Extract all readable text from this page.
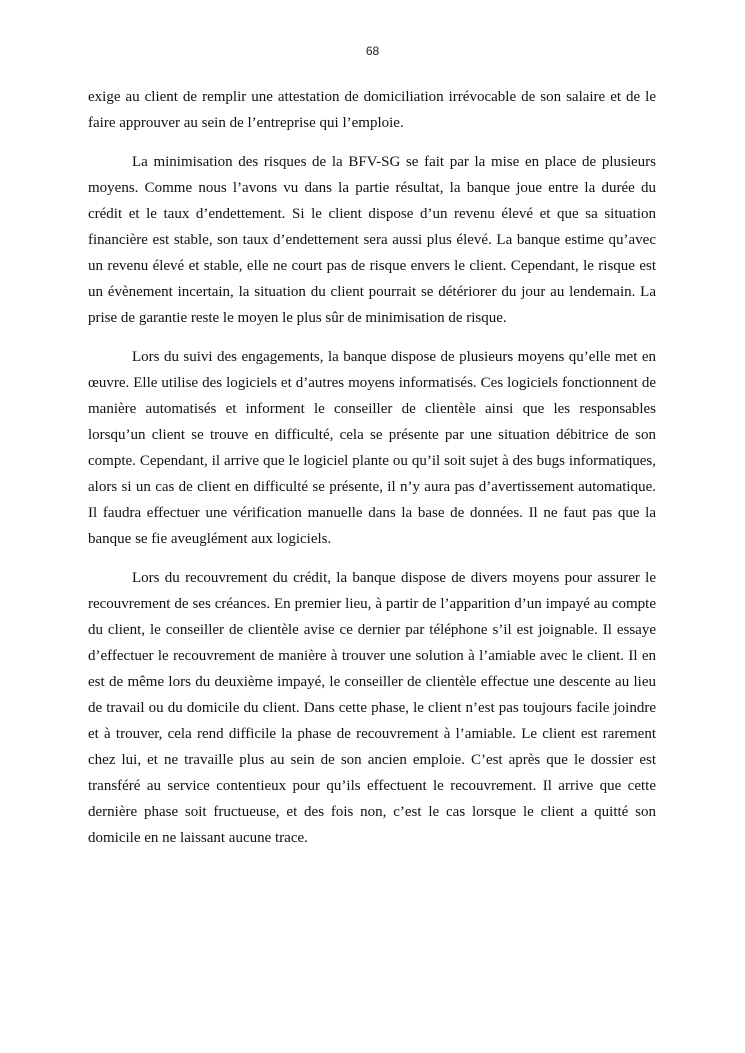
68

exige au client de remplir une attestation de domiciliation irrévocable de son salaire et de le faire approuver au sein de l’entreprise qui l’emploie.

La minimisation des risques de la BFV-SG se fait par la mise en place de plusieurs moyens. Comme nous l’avons vu dans la partie résultat, la banque joue entre la durée du crédit et le taux d’endettement. Si le client dispose d’un revenu élevé et que sa situation financière est stable, son taux d’endettement sera aussi plus élevé. La banque estime qu’avec un revenu élevé et stable, elle ne court pas de risque envers le client. Cependant, le risque est un évènement incertain, la situation du client pourrait se détériorer du jour au lendemain. La prise de garantie reste le moyen le plus sûr de minimisation de risque.

Lors du suivi des engagements, la banque dispose de plusieurs moyens qu’elle met en œuvre. Elle utilise des logiciels et d’autres moyens informatisés. Ces logiciels fonctionnent de manière automatisés et informent le conseiller de clientèle ainsi que les responsables lorsqu’un client se trouve en difficulté, cela se présente par une situation débitrice de son compte. Cependant, il arrive que le logiciel plante ou qu’il soit sujet à des bugs informatiques, alors si un cas de client en difficulté se présente, il n’y aura pas d’avertissement automatique. Il faudra effectuer une vérification manuelle dans la base de données. Il ne faut pas que la banque se fie aveuglément aux logiciels.

Lors du recouvrement du crédit, la banque dispose de divers moyens pour assurer le recouvrement de ses créances. En premier lieu, à partir de l’apparition d’un impayé au compte du client, le conseiller de clientèle avise ce dernier par téléphone s’il est joignable. Il essaye d’effectuer le recouvrement de manière à trouver une solution à l’amiable avec le client. Il en est de même lors du deuxième impayé, le conseiller de clientèle effectue une descente au lieu de travail ou du domicile du client. Dans cette phase, le client n’est pas toujours facile joindre et à trouver, cela rend difficile la phase de recouvrement à l’amiable. Le client est rarement chez lui, et ne travaille plus au sein de son ancien emploie. C’est après que le dossier est transféré au service contentieux pour qu’ils effectuent le recouvrement. Il arrive que cette dernière phase soit fructueuse, et des fois non, c’est le cas lorsque le client a quitté son domicile en ne laissant aucune trace.
